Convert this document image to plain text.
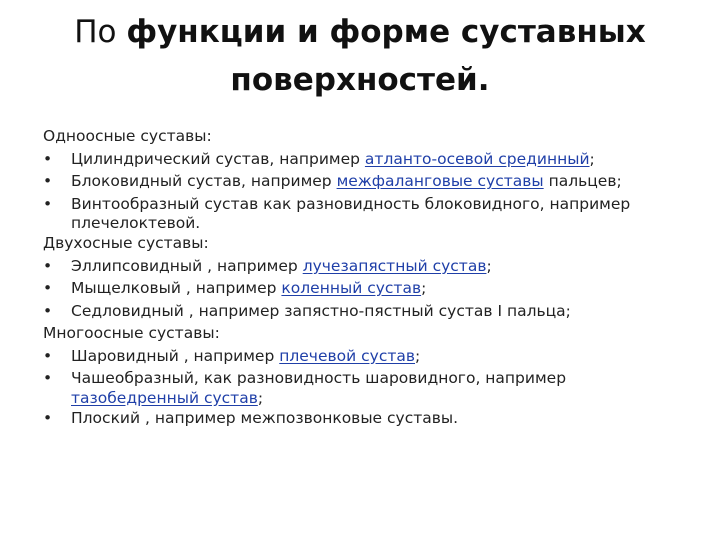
По функции и форме суставных
поверхностей.
Одноосные суставы:
•	Цилиндрический сустав, например атланто-осевой срединный;
•	Блоковидный сустав, например межфаланговые суставы пальцев;
•	Винтообразный сустав как разновидность блоковидного, например
плечелоктевой.
Двухосные суставы:
•	Эллипсовидный , например лучезапястный сустав;
•	Мыщелковый , например коленный сустав;
•	Седловидный , например запястно-пястный сустав I пальца;
Многоосные суставы:
•	Шаровидный , например плечевой сустав;
•	Чашеобразный, как разновидность шаровидного, например
тазобедренный сустав;
•	Плоский , например межпозвонковые суставы.
